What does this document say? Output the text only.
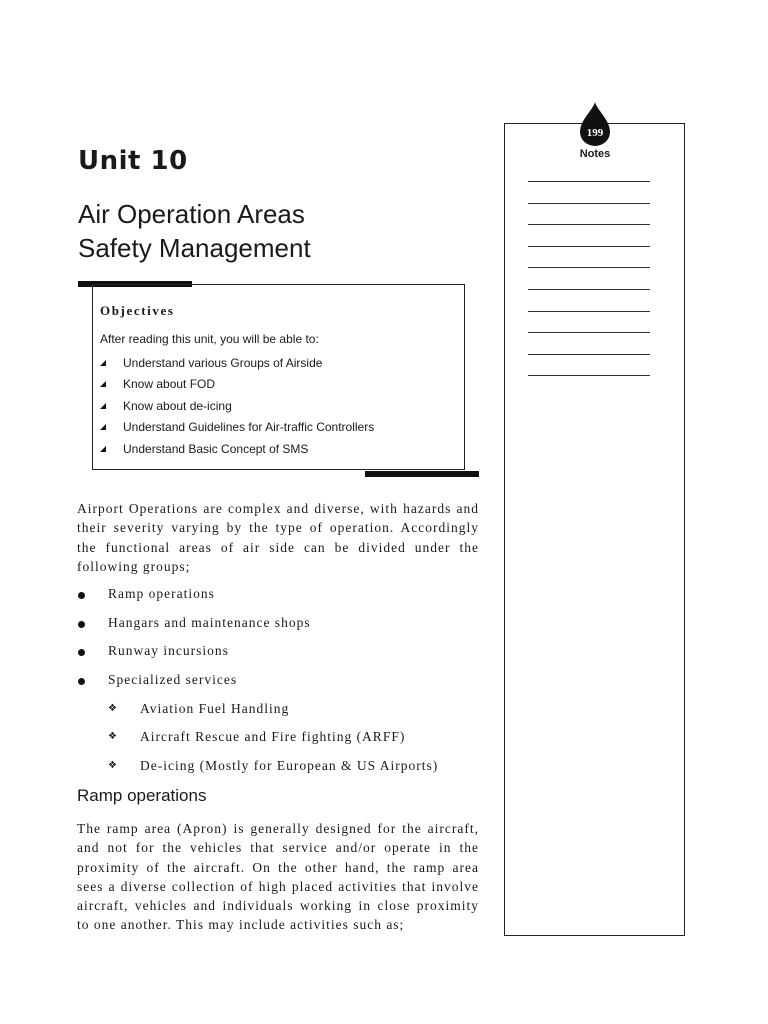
Unit 10
Air Operation Areas
Safety Management
Objectives
After reading this unit, you will be able to:
Understand various Groups of Airside
Know about FOD
Know about de-icing
Understand Guidelines for Air-traffic Controllers
Understand Basic Concept of SMS
Airport Operations are complex and diverse, with hazards and their severity varying by the type of operation. Accordingly the functional areas of air side can be divided under the following groups;
Ramp operations
Hangars and maintenance shops
Runway incursions
Specialized services
❖ Aviation Fuel Handling
❖ Aircraft Rescue and Fire fighting (ARFF)
❖ De-icing (Mostly for European & US Airports)
Ramp operations
The ramp area (Apron) is generally designed for the aircraft, and not for the vehicles that service and/or operate in the proximity of the aircraft. On the other hand, the ramp area sees a diverse collection of high placed activities that involve aircraft, vehicles and individuals working in close proximity to one another. This may include activities such as;
199
Notes
